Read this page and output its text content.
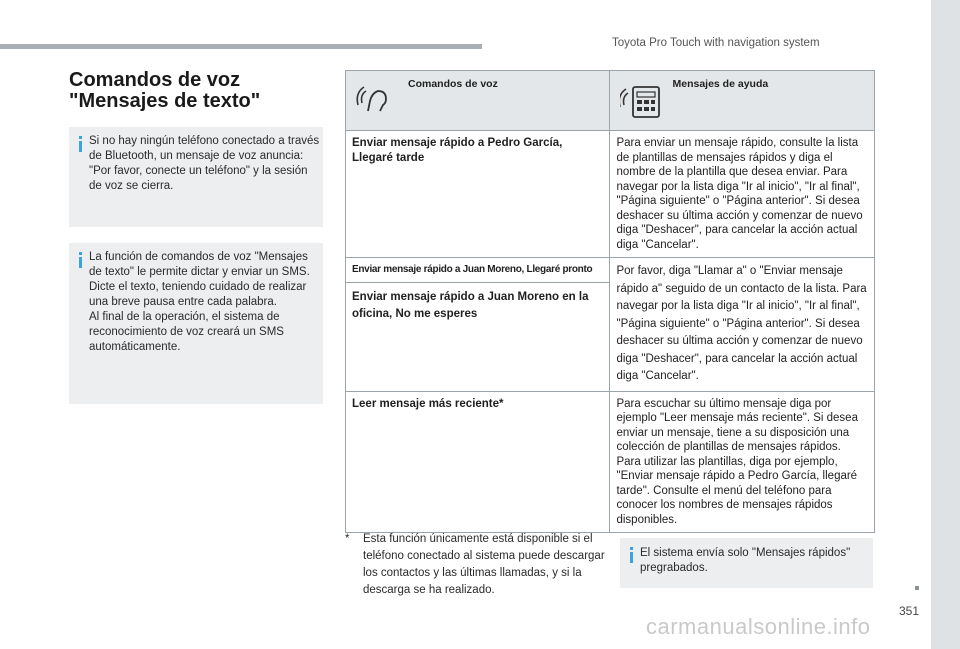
Toyota Pro Touch with navigation system
Comandos de voz
"Mensajes de texto"
Si no hay ningún teléfono conectado a través de Bluetooth, un mensaje de voz anuncia: "Por favor, conecte un teléfono" y la sesión de voz se cierra.
La función de comandos de voz "Mensajes de texto" le permite dictar y enviar un SMS.
Dicte el texto, teniendo cuidado de realizar una breve pausa entre cada palabra.
Al final de la operación, el sistema de reconocimiento de voz creará un SMS automáticamente.
Comandos de voz	Mensajes de ayuda

Enviar mensaje rápido a Pedro García, Llegaré tarde	Para enviar un mensaje rápido, consulte la lista de plantillas de mensajes rápidos y diga el nombre de la plantilla que desea enviar. Para navegar por la lista diga "Ir al inicio", "Ir al final", "Página siguiente" o "Página anterior". Si desea deshacer su última acción y comenzar de nuevo diga "Deshacer", para cancelar la acción actual diga "Cancelar".

Enviar mensaje rápido a Juan Moreno, Llegaré pronto
Enviar mensaje rápido a Juan Moreno en la oficina, No me esperes	Por favor, diga "Llamar a" o "Enviar mensaje rápido a" seguido de un contacto de la lista. Para navegar por la lista diga "Ir al inicio", "Ir al final", "Página siguiente" o "Página anterior". Si desea deshacer su última acción y comenzar de nuevo diga "Deshacer", para cancelar la acción actual diga "Cancelar".
Leer mensaje más reciente*	Para escuchar su último mensaje diga por ejemplo "Leer mensaje más reciente". Si desea enviar un mensaje, tiene a su disposición una colección de plantillas de mensajes rápidos. Para utilizar las plantillas, diga por ejemplo, "Enviar mensaje rápido a Pedro García, llegaré tarde". Consulte el menú del teléfono para conocer los nombres de mensajes rápidos disponibles.
* Esta función únicamente está disponible si el teléfono conectado al sistema puede descargar los contactos y las últimas llamadas, y si la descarga se ha realizado.
El sistema envía solo "Mensajes rápidos" pregrabados.
351
carmanualsonline.info
